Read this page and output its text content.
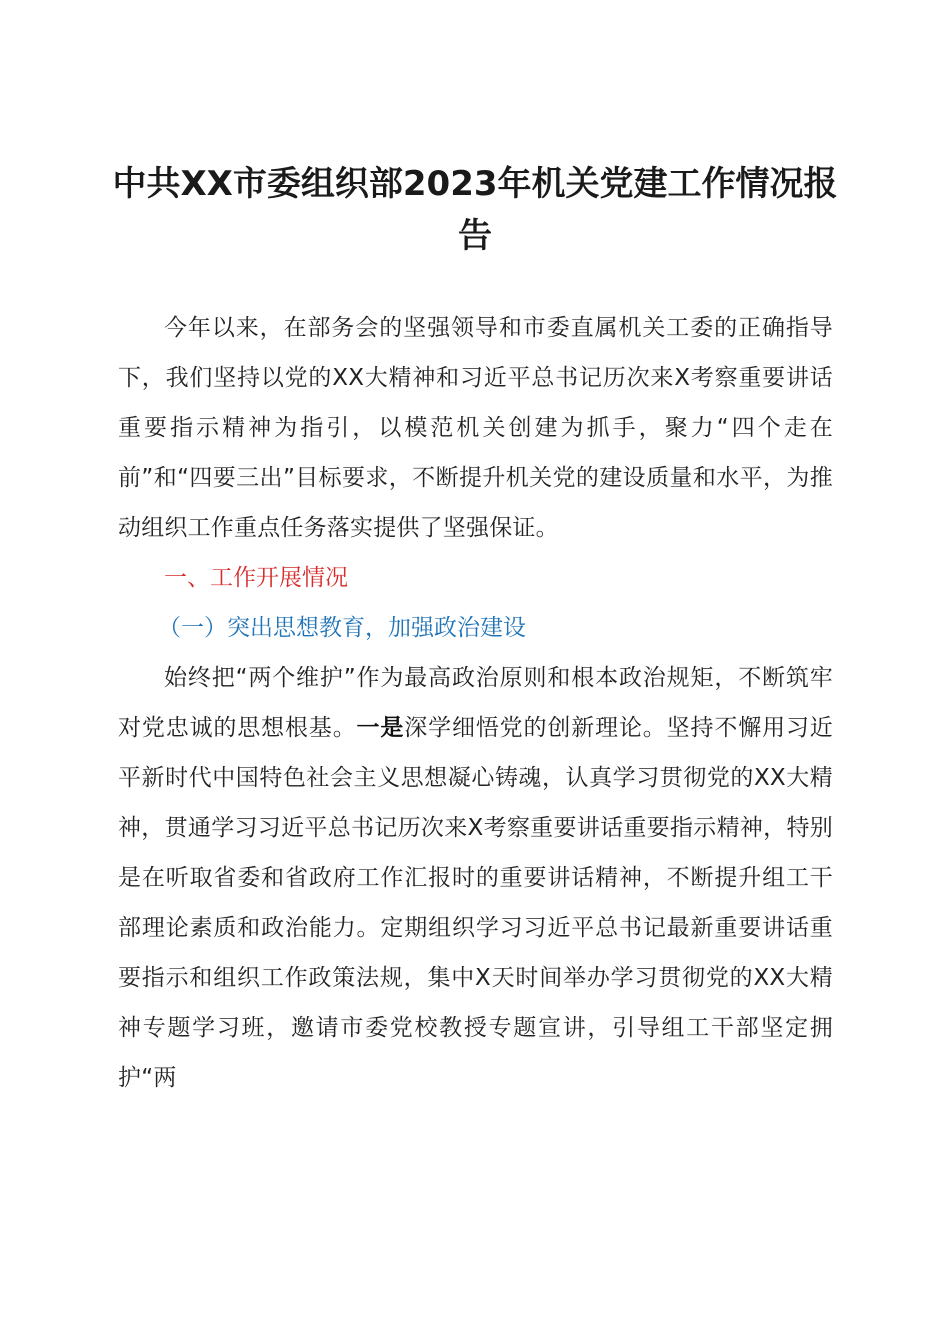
中共XX市委组织部2023年机关党建工作情况报告

今年以来，在部务会的坚强领导和市委直属机关工委的正确指导下，我们坚持以党的XX大精神和习近平总书记历次来X考察重要讲话重要指示精神为指引，以模范机关创建为抓手，聚力“四个走在前”和“四要三出”目标要求，不断提升机关党的建设质量和水平，为推动组织工作重点任务落实提供了坚强保证。

一、工作开展情况

（一）突出思想教育，加强政治建设

始终把“两个维护”作为最高政治原则和根本政治规矩，不断筑牢对党忠诚的思想根基。一是深学细悟党的创新理论。坚持不懈用习近平新时代中国特色社会主义思想凝心铸魂，认真学习贯彻党的XX大精神，贯通学习习近平总书记历次来X考察重要讲话重要指示精神，特别是在听取省委和省政府工作汇报时的重要讲话精神，不断提升组工干部理论素质和政治能力。定期组织学习习近平总书记最新重要讲话重要指示和组织工作政策法规，集中X天时间举办学习贯彻党的XX大精神专题学习班，邀请市委党校教授专题宣讲，引导组工干部坚定拥护“两
